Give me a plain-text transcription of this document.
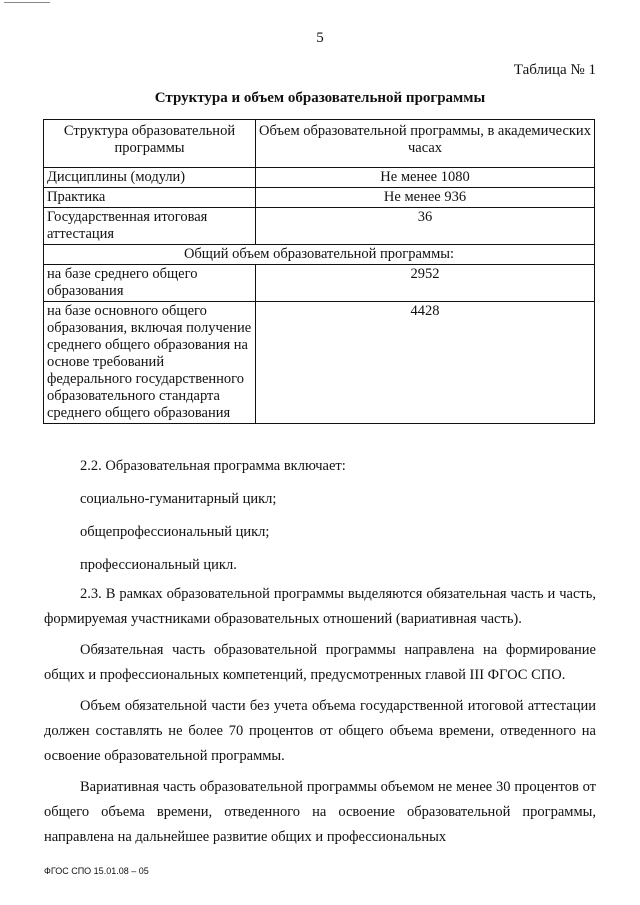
5
Таблица № 1
Структура и объем образовательной программы
Структура образовательной программы	Объем образовательной программы, в академических часах

Дисциплины (модули)	Не менее 1080
Практика	Не менее 936
Государственная итоговая аттестация	36
Общий объем образовательной программы:	
на базе среднего общего образования	2952
на базе основного общего образования, включая получение среднего общего образования на основе требований федерального государственного образовательного стандарта среднего общего образования	4428

2.2. Образовательная программа включает:

социально-гуманитарный цикл;

общепрофессиональный цикл;

профессиональный цикл.

2.3. В рамках образовательной программы выделяются обязательная часть и часть, формируемая участниками образовательных отношений (вариативная часть).

Обязательная часть образовательной программы направлена на формирование общих и профессиональных компетенций, предусмотренных главой III ФГОС СПО.

Объем обязательной части без учета объема государственной итоговой аттестации должен составлять не более 70 процентов от общего объема времени, отведенного на освоение образовательной программы.

Вариативная часть образовательной программы объемом не менее 30 процентов от общего объема времени, отведенного на освоение образовательной программы, направлена на дальнейшее развитие общих и профессиональных

ФГОС СПО 15.01.08 – 05
